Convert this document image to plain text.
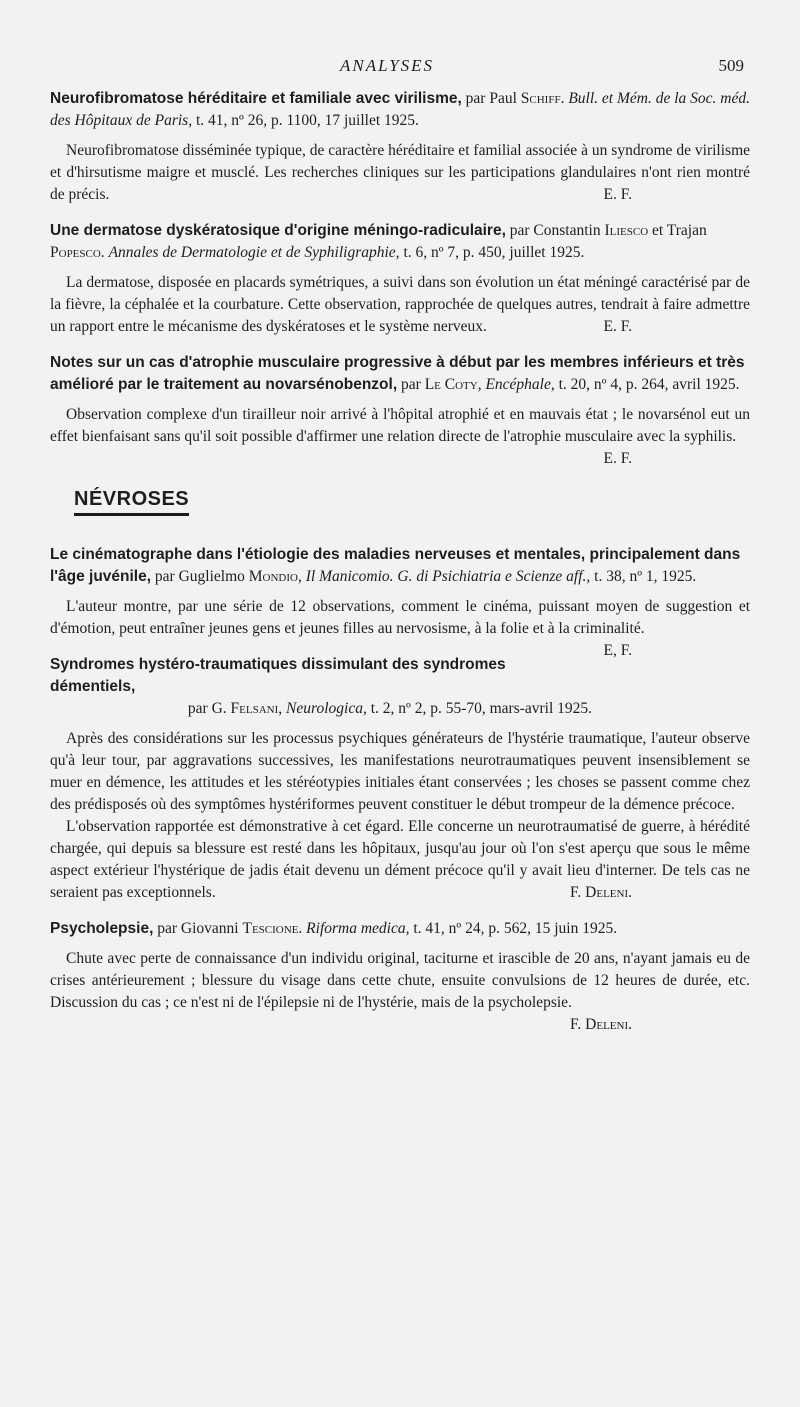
ANALYSES	509

Neurofibromatose héréditaire et familiale avec virilisme, par Paul Schiff. Bull. et Mém. de la Soc. méd. des Hôpitaux de Paris, t. 41, nº 26, p. 1100, 17 juillet 1925.

Neurofibromatose disséminée typique, de caractère héréditaire et familial associée à un syndrome de virilisme et d'hirsutisme maigre et musclé. Les recherches cliniques sur les participations glandulaires n'ont rien montré de précis.	E. F.

Une dermatose dyskératosique d'origine méningo-radiculaire, par Constantin Iliesco et Trajan Popesco. Annales de Dermatologie et de Syphiligraphie, t. 6, nº 7, p. 450, juillet 1925.

La dermatose, disposée en placards symétriques, a suivi dans son évolution un état méningé caractérisé par de la fièvre, la céphalée et la courbature. Cette observation, rapprochée de quelques autres, tendrait à faire admettre un rapport entre le mécanisme des dyskératoses et le système nerveux.	E. F.

Notes sur un cas d'atrophie musculaire progressive à début par les membres inférieurs et très amélioré par le traitement au novarsénobenzol, par Le Coty, Encéphale, t. 20, nº 4, p. 264, avril 1925.

Observation complexe d'un tirailleur noir arrivé à l'hôpital atrophié et en mauvais état ; le novarsénol eut un effet bienfaisant sans qu'il soit possible d'affirmer une relation directe de l'atrophie musculaire avec la syphilis.
E. F.

NÉVROSES

Le cinématographe dans l'étiologie des maladies nerveuses et mentales, principalement dans l'âge juvénile, par Guglielmo Mondio, Il Manicomio. G. di Psichiatria e Scienze aff., t. 38, nº 1, 1925.

L'auteur montre, par une série de 12 observations, comment le cinéma, puissant moyen de suggestion et d'émotion, peut entraîner jeunes gens et jeunes filles au nervosisme, à la folie et à la criminalité.
E, F.

Syndromes hystéro-traumatiques dissimulant des syndromes démentiels,
par G. Felsani, Neurologica, t. 2, nº 2, p. 55-70, mars-avril 1925.

Après des considérations sur les processus psychiques générateurs de l'hystérie traumatique, l'auteur observe qu'à leur tour, par aggravations successives, les manifestations neurotraumatiques peuvent insensiblement se muer en démence, les attitudes et les stéréotypies initiales étant conservées ; les choses se passent comme chez des prédisposés où des symptômes hystériformes peuvent constituer le début trompeur de la démence précoce.

L'observation rapportée est démonstrative à cet égard. Elle concerne un neurotraumatisé de guerre, à hérédité chargée, qui depuis sa blessure est resté dans les hôpitaux, jusqu'au jour où l'on s'est aperçu que sous le même aspect extérieur l'hystérique de jadis était devenu un dément précoce qu'il y avait lieu d'interner. De tels cas ne seraient pas exceptionnels.	F. Deleni.

Psycholepsie, par Giovanni Tescione. Riforma medica, t. 41, nº 24, p. 562, 15 juin 1925.

Chute avec perte de connaissance d'un individu original, taciturne et irascible de 20 ans, n'ayant jamais eu de crises antérieurement ; blessure du visage dans cette chute, ensuite convulsions de 12 heures de durée, etc. Discussion du cas ; ce n'est ni de l'épilepsie ni de l'hystérie, mais de la psycholepsie.
F. Deleni.
